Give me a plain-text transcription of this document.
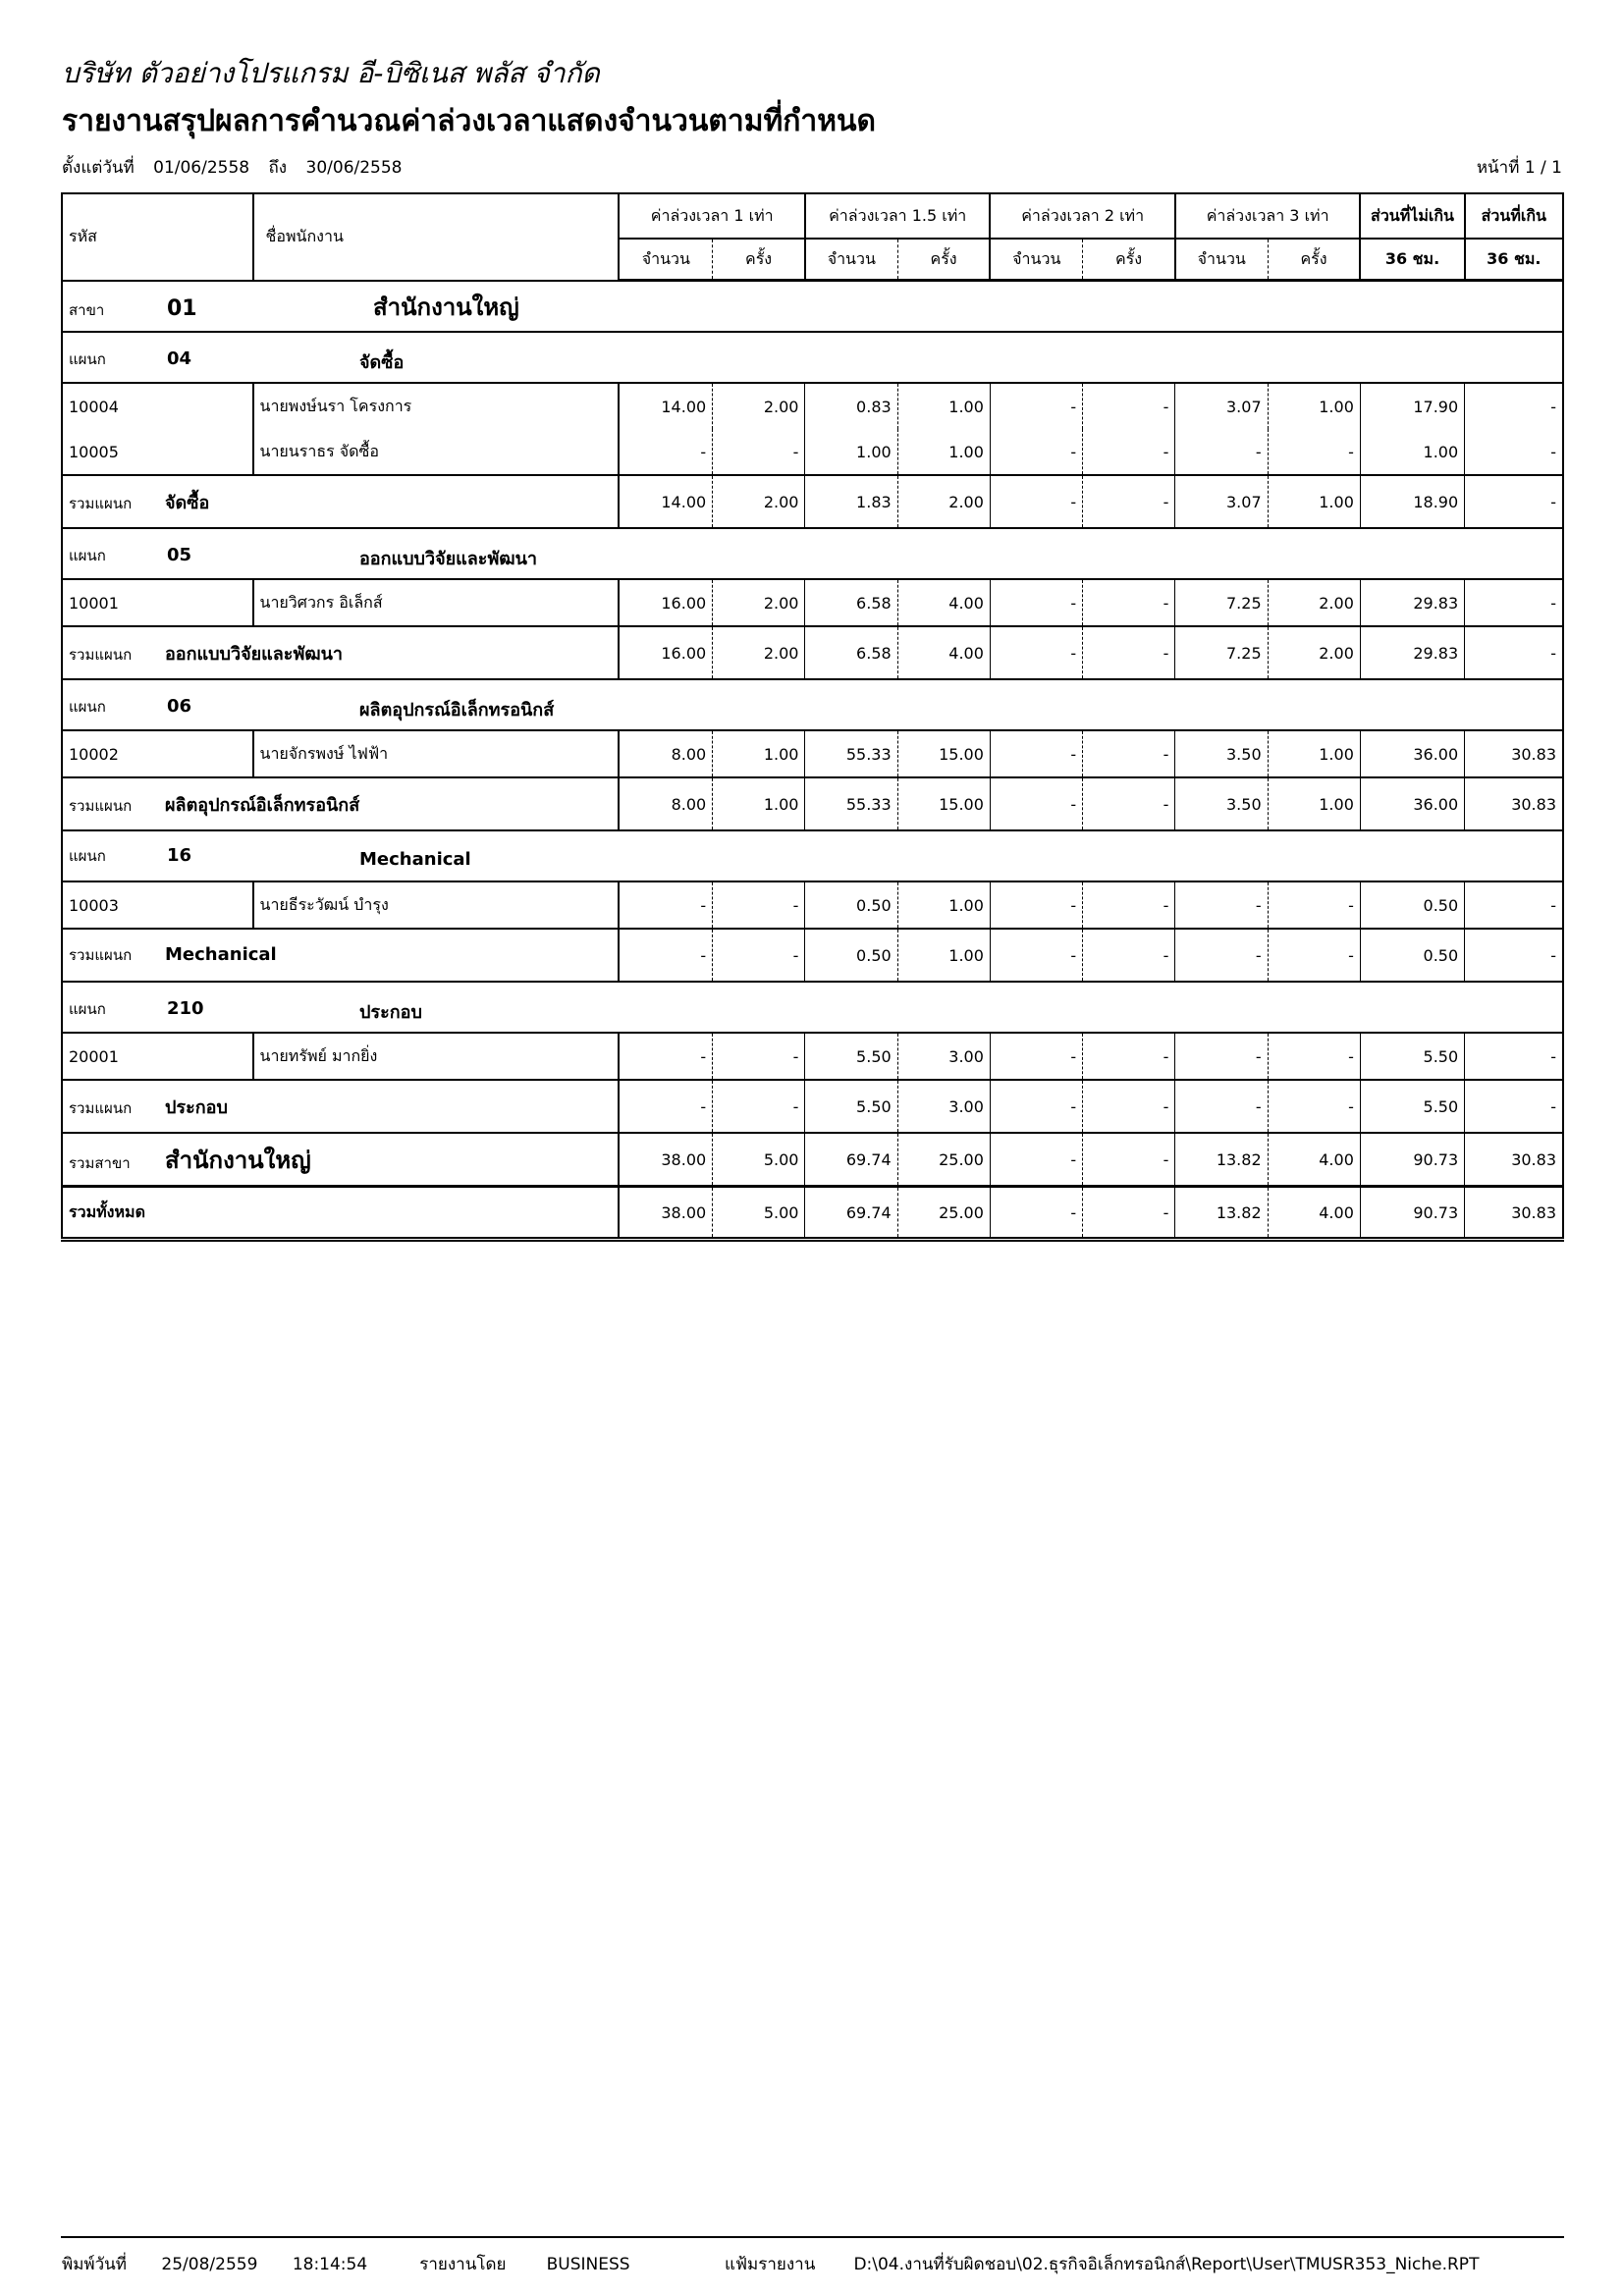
บริษัท ตัวอย่างโปรแกรม อี-บิซิเนส พลัส จำกัด
รายงานสรุปผลการคำนวณค่าล่วงเวลาแสดงจำนวนตามที่กำหนด
ตั้งแต่วันที่ 01/06/2558 ถึง 30/06/2558	หน้าที่ 1 / 1
รหัส	ชื่อพนักงาน	ค่าล่วงเวลา 1 เท่า		ค่าล่วงเวลา 1.5 เท่า		ค่าล่วงเวลา 2 เท่า		ค่าล่วงเวลา 3 เท่า		ส่วนที่ไม่เกิน	ส่วนที่เกิน
		จำนวน	ครั้ง	จำนวน	ครั้ง	จำนวน	ครั้ง	จำนวน	ครั้ง	36 ชม.	36 ชม.
สาขา 01 สำนักงานใหญ่											
แผนก 04 จัดซื้อ											
10004	นายพงษ์นรา โครงการ	14.00	2.00	0.83	1.00	-	-	3.07	1.00	17.90	-
10005	นายนราธร จัดซื้อ	-	-	1.00	1.00	-	-	-	-	1.00	-
รวมแผนก จัดซื้อ		14.00	2.00	1.83	2.00	-	-	3.07	1.00	18.90	-
แผนก 05 ออกแบบวิจัยและพัฒนา											
10001	นายวิศวกร อิเล็กส์	16.00	2.00	6.58	4.00	-	-	7.25	2.00	29.83	-
รวมแผนก ออกแบบวิจัยและพัฒนา		16.00	2.00	6.58	4.00	-	-	7.25	2.00	29.83	-
แผนก 06 ผลิตอุปกรณ์อิเล็กทรอนิกส์											
10002	นายจักรพงษ์ ไฟฟ้า	8.00	1.00	55.33	15.00	-	-	3.50	1.00	36.00	30.83
รวมแผนก ผลิตอุปกรณ์อิเล็กทรอนิกส์		8.00	1.00	55.33	15.00	-	-	3.50	1.00	36.00	30.83
แผนก 16 Mechanical											
10003	นายธีระวัฒน์ บำรุง	-	-	0.50	1.00	-	-	-	-	0.50	-
รวมแผนก Mechanical		-	-	0.50	1.00	-	-	-	-	0.50	-
แผนก 210 ประกอบ											
20001	นายทรัพย์ มากยิ่ง	-	-	5.50	3.00	-	-	-	-	5.50	-
รวมแผนก ประกอบ		-	-	5.50	3.00	-	-	-	-	5.50	-
รวมสาขา สำนักงานใหญ่		38.00	5.00	69.74	25.00	-	-	13.82	4.00	90.73	30.83
รวมทั้งหมด		38.00	5.00	69.74	25.00	-	-	13.82	4.00	90.73	30.83
พิมพ์วันที่ 25/08/2559 18:14:54	รายงานโดย BUSINESS	แฟ้มรายงาน D:\04.งานที่รับผิดชอบ\02.ธุรกิจอิเล็กทรอนิกส์\Report\User\TMUSR353_Niche.RPT
